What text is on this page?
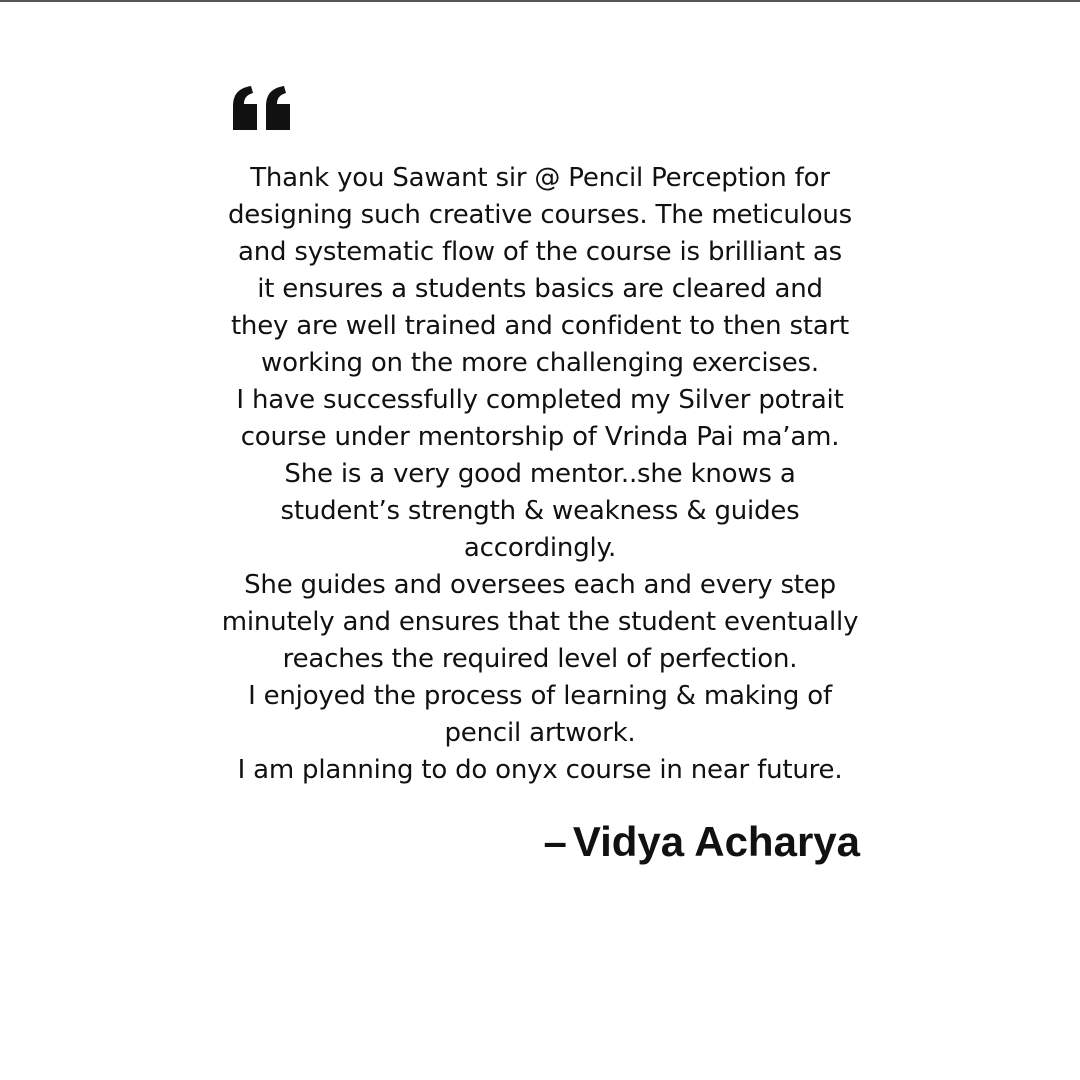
Thank you Sawant sir @ Pencil Perception for
designing such creative courses. The meticulous
and systematic flow of the course is brilliant as
it ensures a students basics are cleared and
they are well trained and confident to then start
working on the more challenging exercises.
I have successfully completed my Silver potrait
course under mentorship of Vrinda Pai ma’am.
She is a very good mentor..she knows a
student’s strength & weakness & guides
accordingly.
She guides and oversees each and every step
minutely and ensures that the student eventually
reaches the required level of perfection.
I enjoyed the process of learning & making of
pencil artwork.
I am planning to do onyx course in near future.
– Vidya Acharya
